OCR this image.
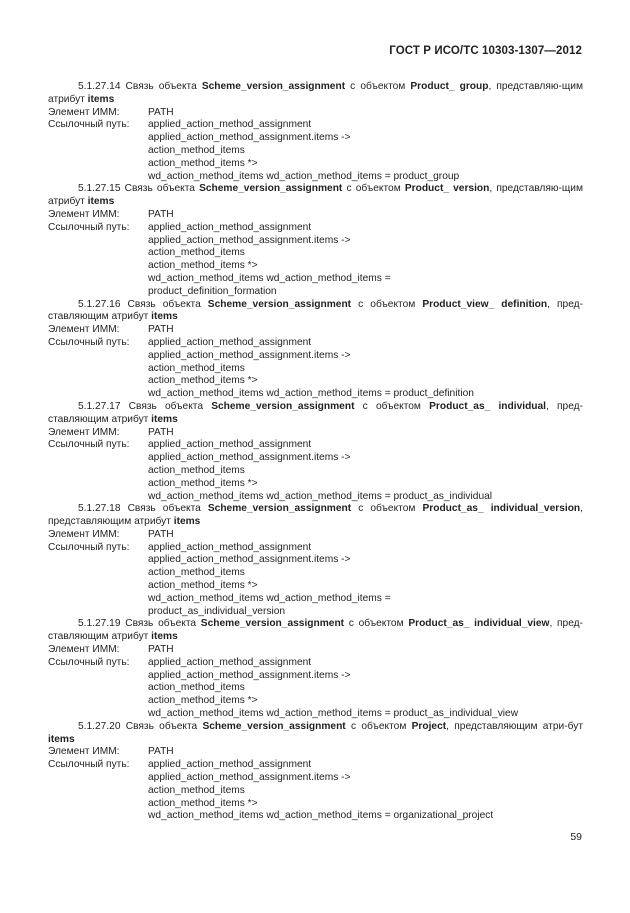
ГОСТ Р ИСО/ТС 10303-1307—2012
5.1.27.14 Связь объекта Scheme_version_assignment с объектом Product_ group, представляю-щим атрибут items
Элемент ИММ:	PATH
Ссылочный путь:	applied_action_method_assignment
applied_action_method_assignment.items ->
action_method_items
action_method_items *>
wd_action_method_items wd_action_method_items = product_group
5.1.27.15 Связь объекта Scheme_version_assignment с объектом Product_ version, представляю-щим атрибут items
Элемент ИММ:	PATH
Ссылочный путь:	applied_action_method_assignment
applied_action_method_assignment.items ->
action_method_items
action_method_items *>
wd_action_method_items wd_action_method_items =
product_definition_formation
5.1.27.16 Связь объекта Scheme_version_assignment с объектом Product_view_ definition, пред-ставляющим атрибут items
Элемент ИММ:	PATH
Ссылочный путь:	applied_action_method_assignment
applied_action_method_assignment.items ->
action_method_items
action_method_items *>
wd_action_method_items wd_action_method_items = product_definition
5.1.27.17 Связь объекта Scheme_version_assignment с объектом Product_as_ individual, пред-ставляющим атрибут items
Элемент ИММ:	PATH
Ссылочный путь:	applied_action_method_assignment
applied_action_method_assignment.items ->
action_method_items
action_method_items *>
wd_action_method_items wd_action_method_items = product_as_individual
5.1.27.18 Связь объекта Scheme_version_assignment с объектом Product_as_ individual_version, представляющим атрибут items
Элемент ИММ:	PATH
Ссылочный путь:	applied_action_method_assignment
applied_action_method_assignment.items ->
action_method_items
action_method_items *>
wd_action_method_items wd_action_method_items =
product_as_individual_version
5.1.27.19 Связь объекта Scheme_version_assignment с объектом Product_as_ individual_view, пред-ставляющим атрибут items
Элемент ИММ:	PATH
Ссылочный путь:	applied_action_method_assignment
applied_action_method_assignment.items ->
action_method_items
action_method_items *>
wd_action_method_items wd_action_method_items = product_as_individual_view
5.1.27.20 Связь объекта Scheme_version_assignment с объектом Project, представляющим атри-бут items
Элемент ИММ:	PATH
Ссылочный путь:	applied_action_method_assignment
applied_action_method_assignment.items ->
action_method_items
action_method_items *>
wd_action_method_items wd_action_method_items = organizational_project
59
